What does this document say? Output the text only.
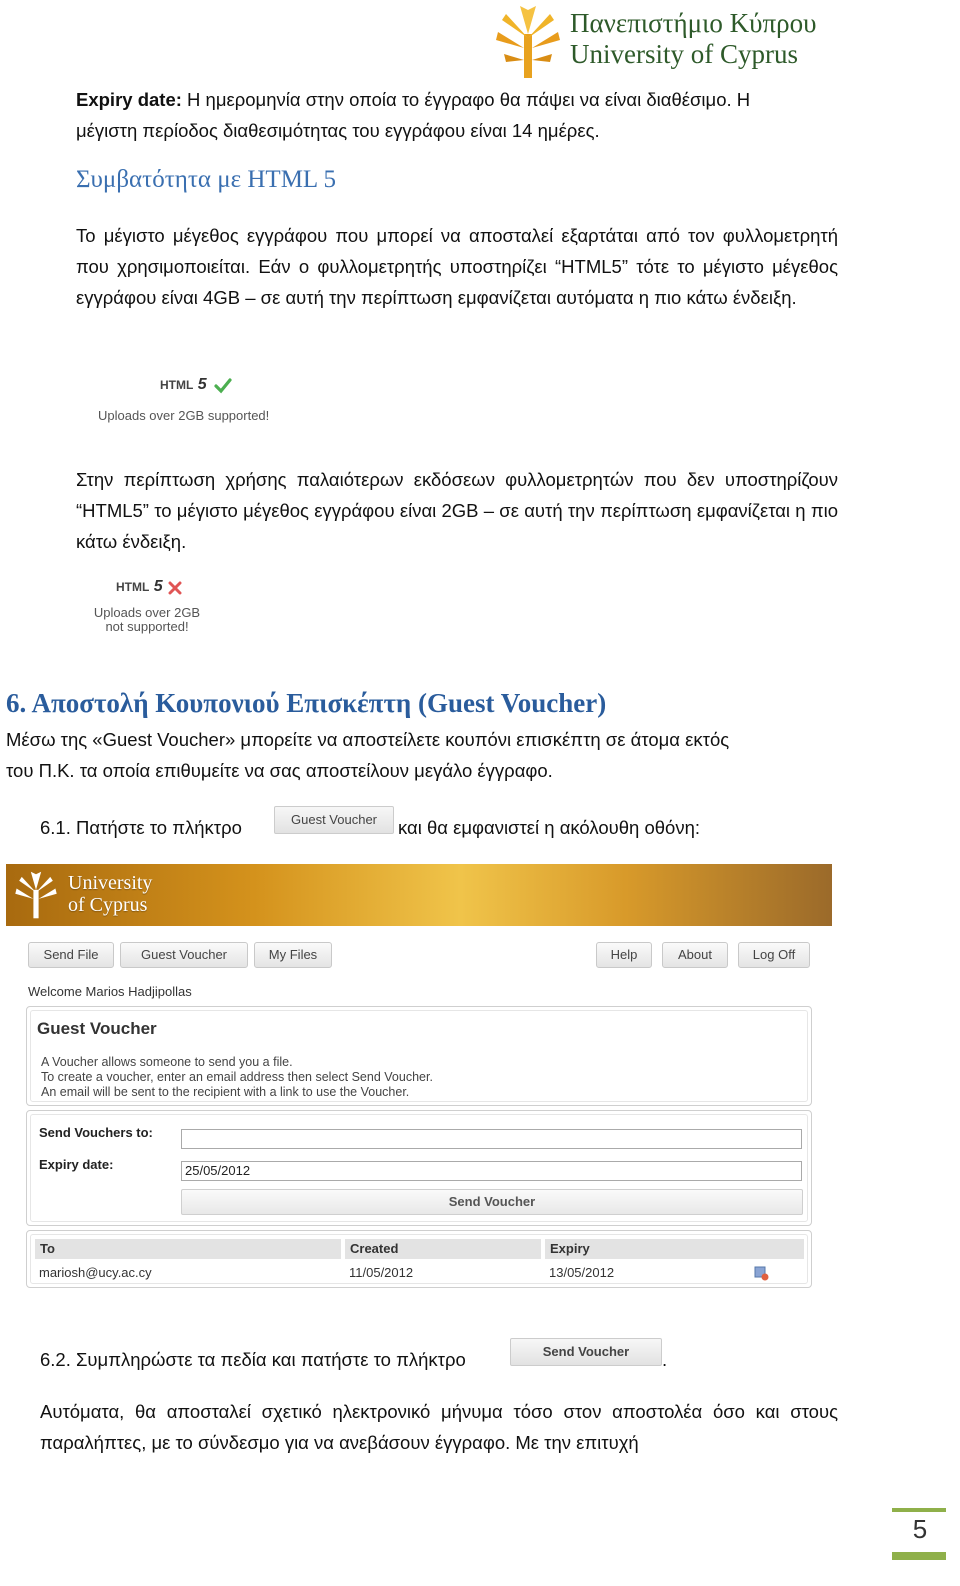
Πανεπιστήμιο Κύπρου
University of Cyprus
Expiry date: Η ημερομηνία στην οποία το έγγραφο θα πάψει να είναι διαθέσιμο. Η
μέγιστη περίοδος διαθεσιμότητας του εγγράφου είναι 14 ημέρες.
Συμβατότητα με HTML 5
Το μέγιστο μέγεθος εγγράφου που μπορεί να αποσταλεί εξαρτάται από τον φυλλομετρητή που χρησιμοποιείται. Εάν ο φυλλομετρητής υποστηρίζει “HTML5” τότε το μέγιστο μέγεθος εγγράφου είναι 4GB – σε αυτή την περίπτωση εμφανίζεται αυτόματα η πιο κάτω ένδειξη.
HTML 5
Uploads over 2GB supported!
Στην περίπτωση χρήσης παλαιότερων εκδόσεων φυλλομετρητών που δεν υποστηρίζουν “HTML5” το μέγιστο μέγεθος εγγράφου είναι 2GB – σε αυτή την περίπτωση εμφανίζεται η πιο κάτω ένδειξη.
HTML 5
Uploads over 2GB
not supported!
6. Αποστολή Κουπονιού Επισκέπτη (Guest Voucher)
Μέσω της «Guest Voucher» μπορείτε να αποστείλετε κουπόνι επισκέπτη σε άτομα εκτός
του Π.Κ. τα οποία επιθυμείτε να σας αποστείλουν μεγάλο έγγραφο.
6.1. Πατήστε το πλήκτρο	Guest Voucher	και θα εμφανιστεί η ακόλουθη οθόνη:
University
of Cyprus
Send File	Guest Voucher	My Files	Help	About	Log Off
Welcome Marios Hadjipollas
Guest Voucher
A Voucher allows someone to send you a file.
To create a voucher, enter an email address then select Send Voucher.
An email will be sent to the recipient with a link to use the Voucher.
Send Vouchers to:
Expiry date:	25/05/2012
Send Voucher
To	Created	Expiry
mariosh@ucy.ac.cy	11/05/2012	13/05/2012
6.2. Συμπληρώστε τα πεδία και πατήστε το πλήκτρο	Send Voucher	.
Αυτόματα, θα αποσταλεί σχετικό ηλεκτρονικό μήνυμα τόσο στον αποστολέα όσο και στους παραλήπτες, με το σύνδεσμο για να ανεβάσουν έγγραφο. Με την επιτυχή
5
